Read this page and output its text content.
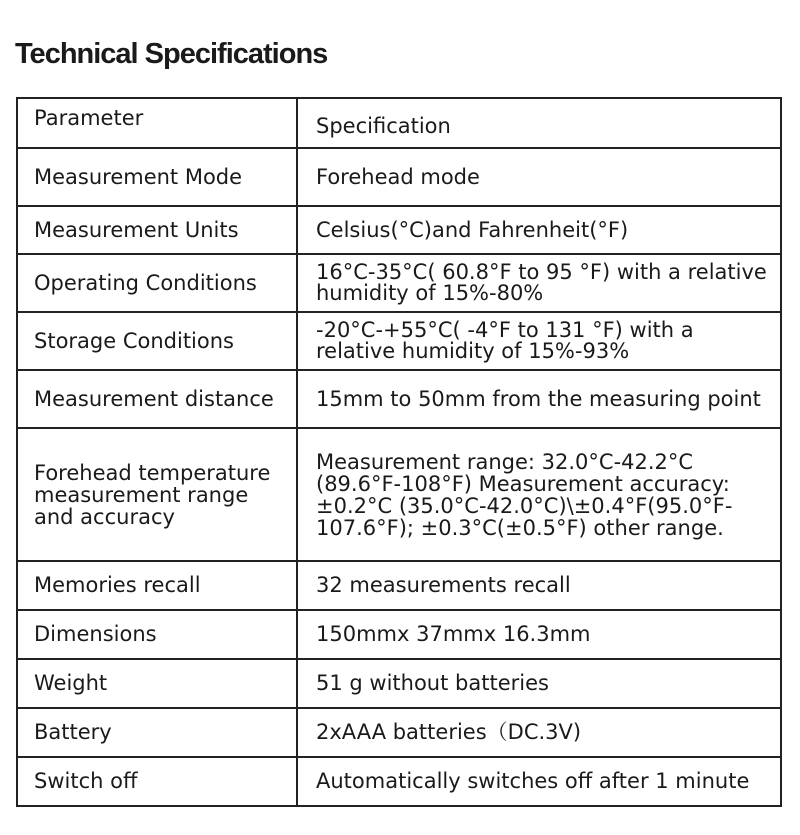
Technical Specifications
Parameter	Specification
Measurement Mode	Forehead mode
Measurement Units	Celsius(°C)and Fahrenheit(°F)
Operating Conditions	16°C-35°C( 60.8°F to 95 °F) with a relative humidity of 15%-80%
Storage Conditions	-20°C-+55°C( -4°F to 131 °F) with a relative humidity of 15%-93%
Measurement distance	15mm to 50mm from the measuring point
Forehead temperature measurement range and accuracy	Measurement range: 32.0°C-42.2°C (89.6°F-108°F) Measurement accuracy: ±0.2°C (35.0°C-42.0°C)\±0.4°F(95.0°F-107.6°F); ±0.3°C(±0.5°F) other range.
Memories recall	32 measurements recall
Dimensions	150mmx 37mmx 16.3mm
Weight	51 g without batteries
Battery	2xAAA batteries（DC.3V)
Switch off	Automatically switches off after 1 minute
